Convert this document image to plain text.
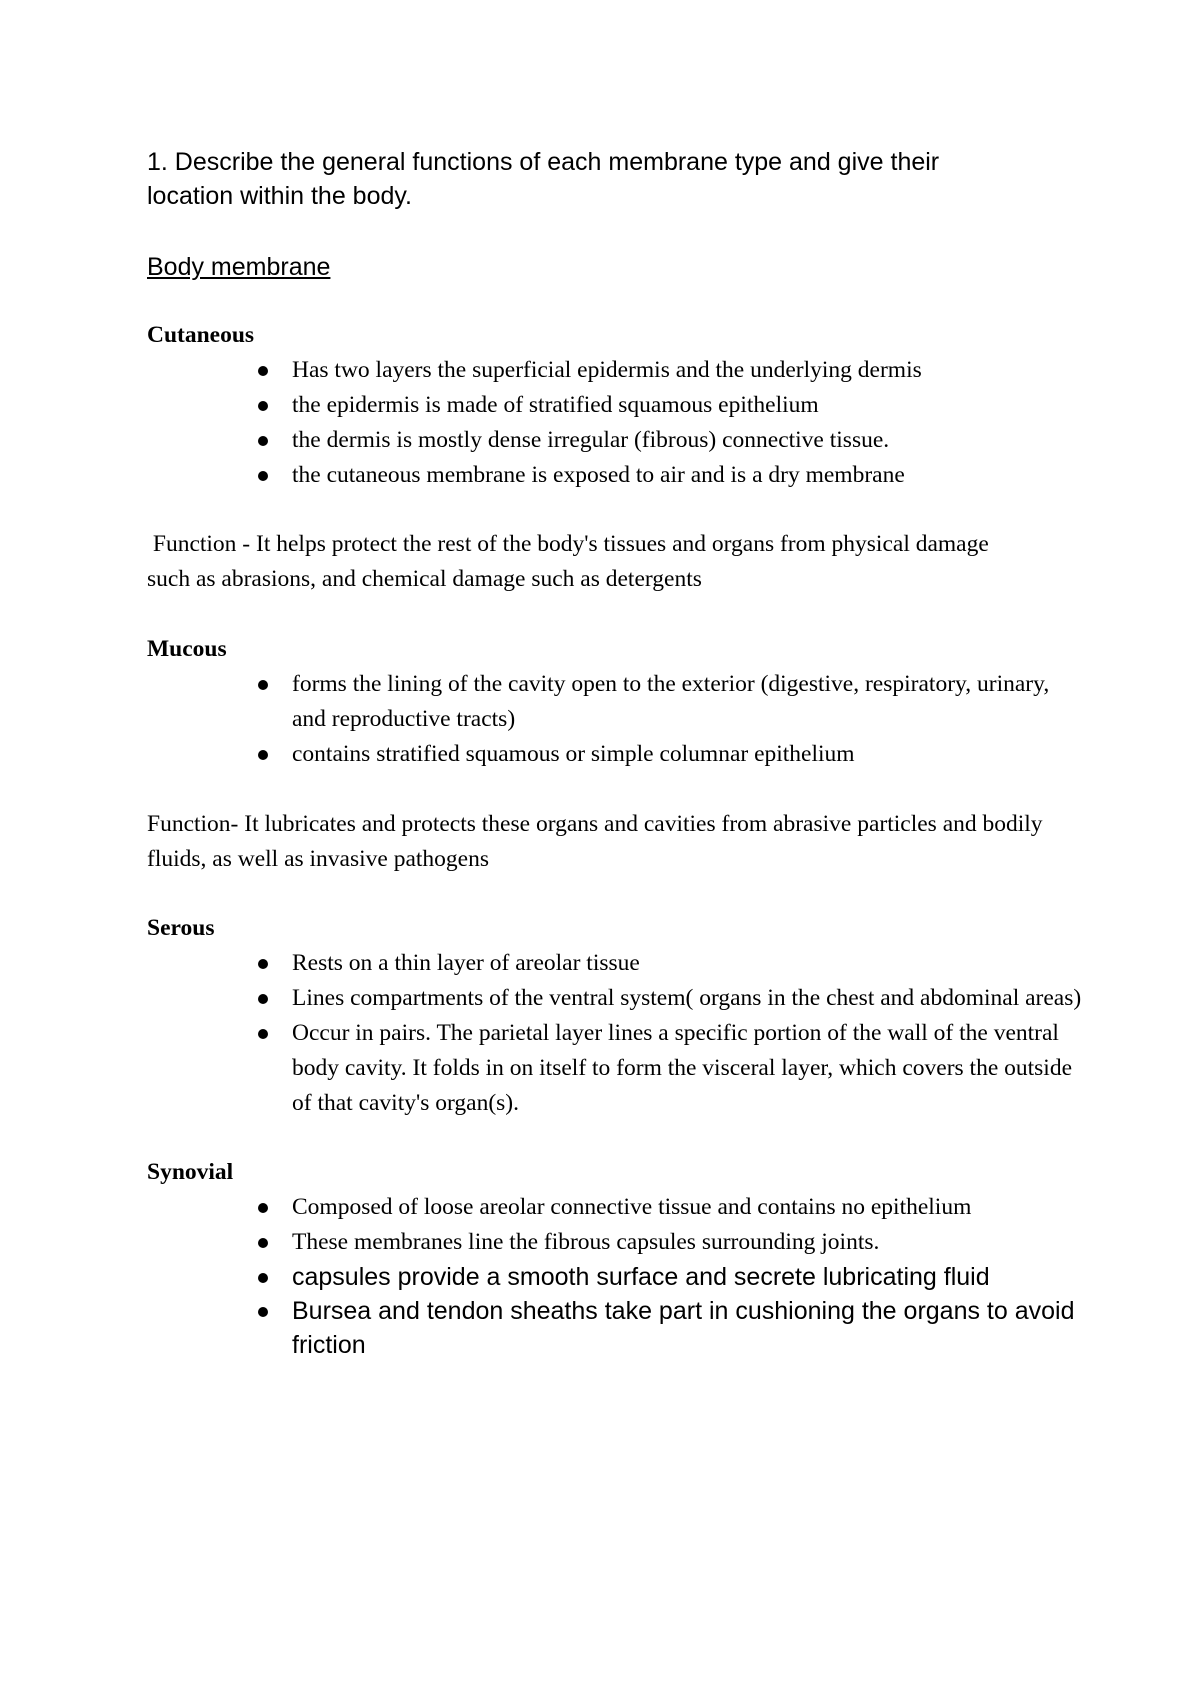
1. Describe the general functions of each membrane type and give their location within the body.

Body membrane

Cutaneous

Has two layers the superficial epidermis and the underlying dermis
the epidermis is made of stratified squamous epithelium
the dermis is mostly dense irregular (fibrous) connective tissue.
the cutaneous membrane is exposed to air and is a dry membrane

Function - It helps protect the rest of the body's tissues and organs from physical damage such as abrasions, and chemical damage such as detergents

Mucous

forms the lining of the cavity open to the exterior (digestive, respiratory, urinary, and reproductive tracts)
contains stratified squamous or simple columnar epithelium

Function- It lubricates and protects these organs and cavities from abrasive particles and bodily fluids, as well as invasive pathogens

Serous

Rests on a thin layer of areolar tissue
Lines compartments of the ventral system( organs in the chest and abdominal areas)
Occur in pairs. The parietal layer lines a specific portion of the wall of the ventral body cavity. It folds in on itself to form the visceral layer, which covers the outside of that cavity's organ(s).

Synovial

Composed of loose areolar connective tissue and contains no epithelium
These membranes line the fibrous capsules surrounding joints.
capsules provide a smooth surface and secrete lubricating fluid
Bursea and tendon sheaths take part in cushioning the organs to avoid friction
